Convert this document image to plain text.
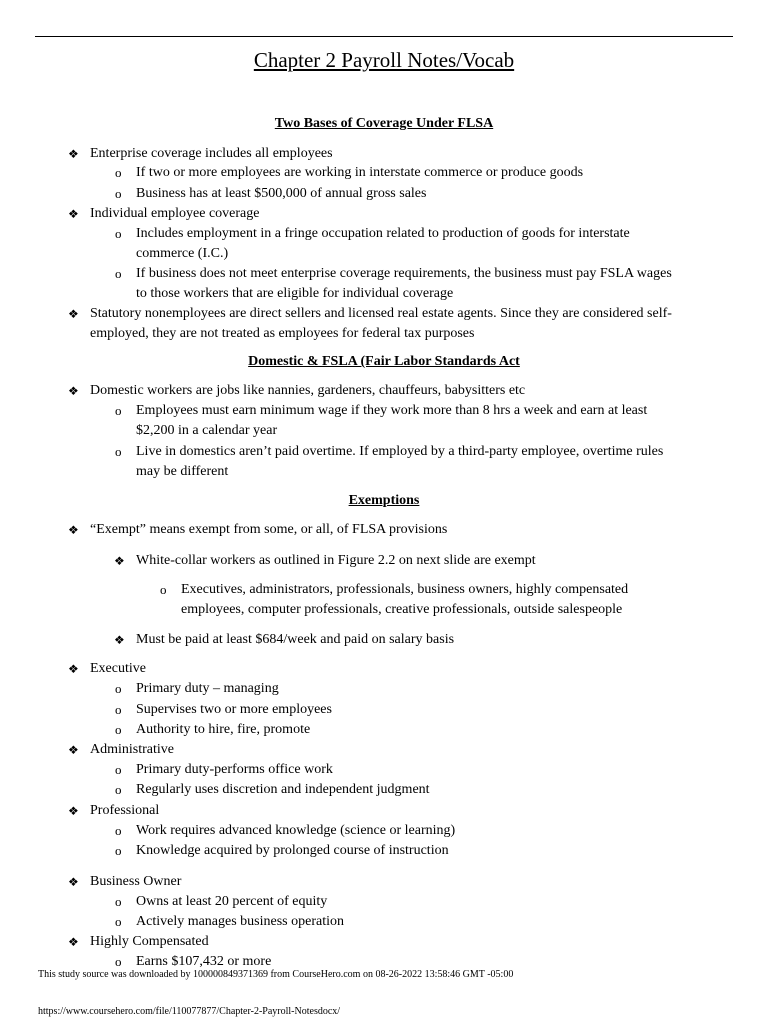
Chapter 2 Payroll Notes/Vocab
Two Bases of Coverage Under FLSA
❖ Enterprise coverage includes all employees
o If two or more employees are working in interstate commerce or produce goods
o Business has at least $500,000 of annual gross sales
❖ Individual employee coverage
o Includes employment in a fringe occupation related to production of goods for interstate
commerce (I.C.)
o If business does not meet enterprise coverage requirements, the business must pay FSLA wages
to those workers that are eligible for individual coverage
❖ Statutory nonemployees are direct sellers and licensed real estate agents. Since they are considered self-
employed, they are not treated as employees for federal tax purposes
Domestic & FSLA (Fair Labor Standards Act
❖ Domestic workers are jobs like nannies, gardeners, chauffeurs, babysitters etc
o Employees must earn minimum wage if they work more than 8 hrs a week and earn at least
$2,200 in a calendar year
o Live in domestics aren’t paid overtime. If employed by a third-party employee, overtime rules
may be different
Exemptions
❖ “Exempt” means exempt from some, or all, of FLSA provisions
❖ White-collar workers as outlined in Figure 2.2 on next slide are exempt
o Executives, administrators, professionals, business owners, highly compensated
employees, computer professionals, creative professionals, outside salespeople
❖ Must be paid at least $684/week and paid on salary basis
❖ Executive
o Primary duty – managing
o Supervises two or more employees
o Authority to hire, fire, promote
❖ Administrative
o Primary duty-performs office work
o Regularly uses discretion and independent judgment
❖ Professional
o Work requires advanced knowledge (science or learning)
o Knowledge acquired by prolonged course of instruction
❖ Business Owner
o Owns at least 20 percent of equity
o Actively manages business operation
❖ Highly Compensated
o Earns $107,432 or more
This study source was downloaded by 100000849371369 from CourseHero.com on 08-26-2022 13:58:46 GMT -05:00
https://www.coursehero.com/file/110077877/Chapter-2-Payroll-Notesdocx/
